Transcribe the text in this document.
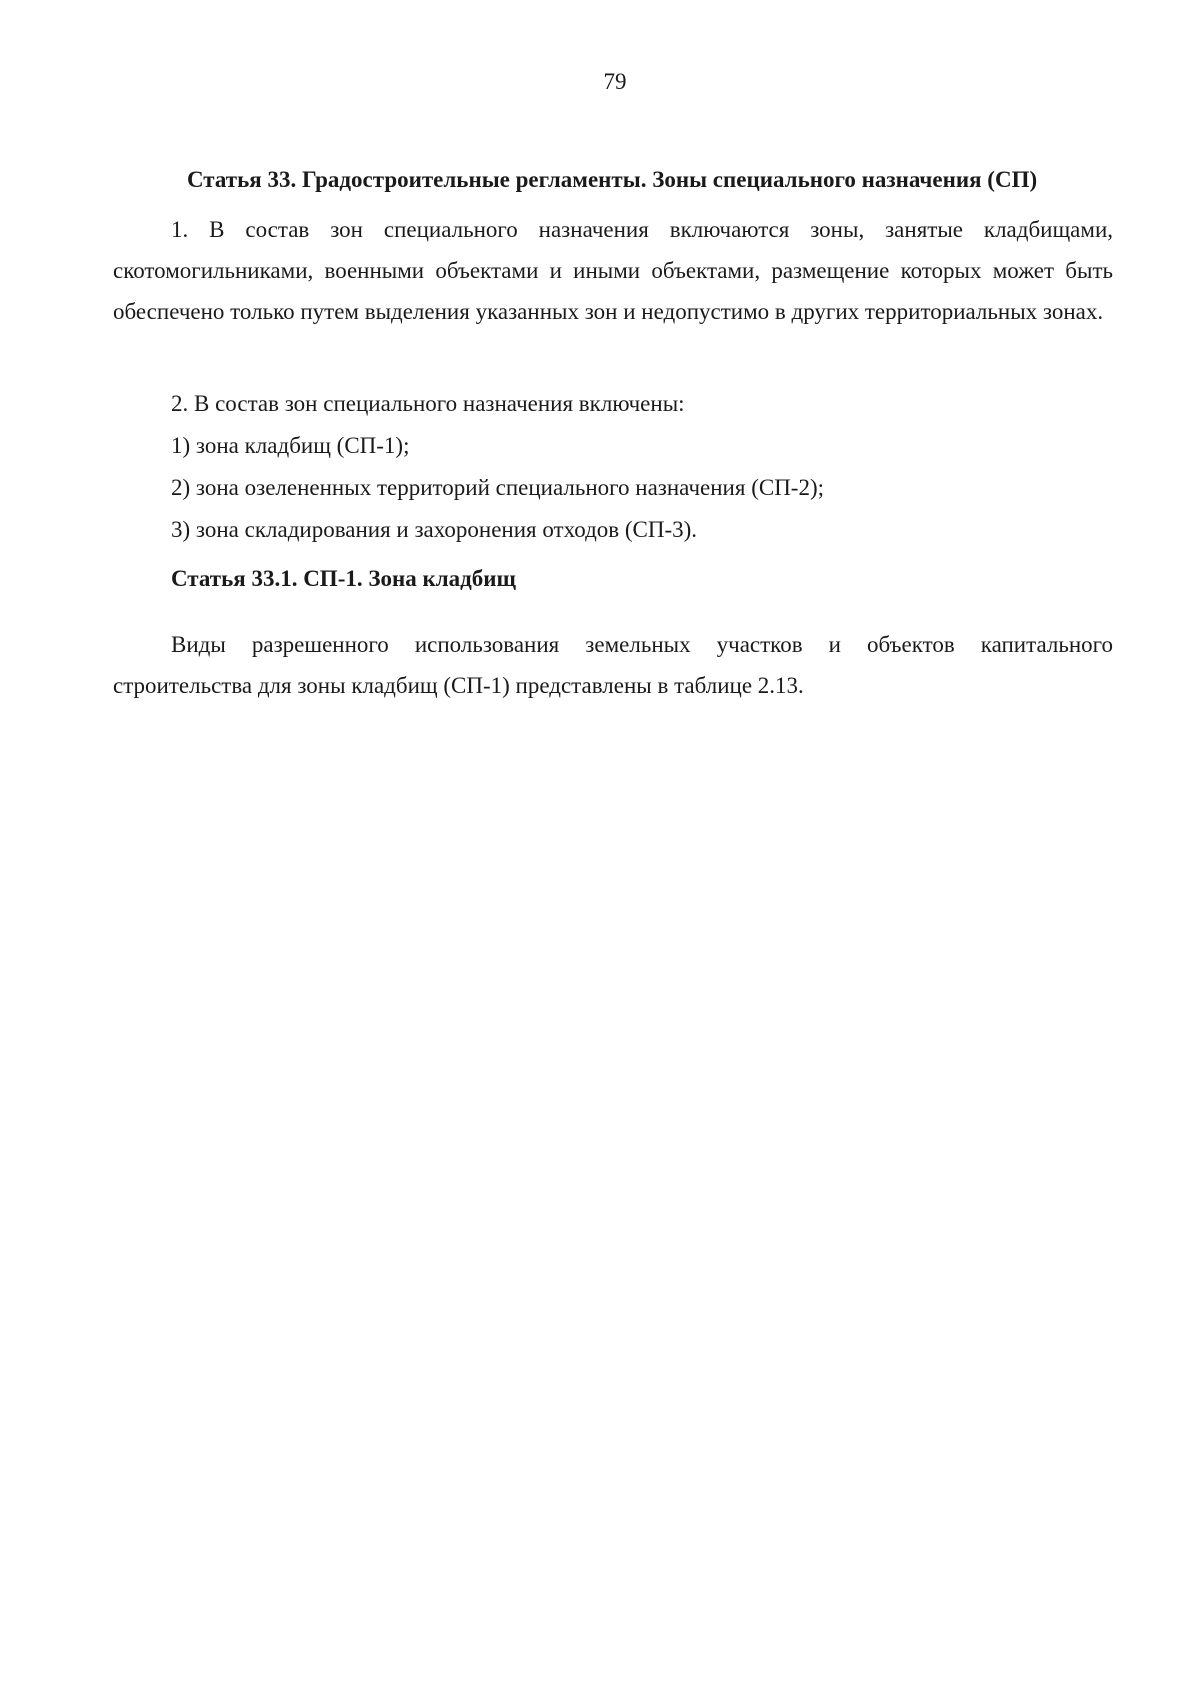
79
Статья 33. Градостроительные регламенты. Зоны специального назначения (СП)
1. В состав зон специального назначения включаются зоны, занятые кладбищами, скотомогильниками, военными объектами и иными объектами, размещение которых может быть обеспечено только путем выделения указанных зон и недопустимо в других территориальных зонах.
2. В состав зон специального назначения включены:
1) зона кладбищ (СП-1);
2) зона озелененных территорий специального назначения (СП-2);
3) зона складирования и захоронения отходов (СП-3).
Статья 33.1. СП-1. Зона кладбищ
Виды разрешенного использования земельных участков и объектов капитального строительства для зоны кладбищ (СП-1) представлены в таблице 2.13.
